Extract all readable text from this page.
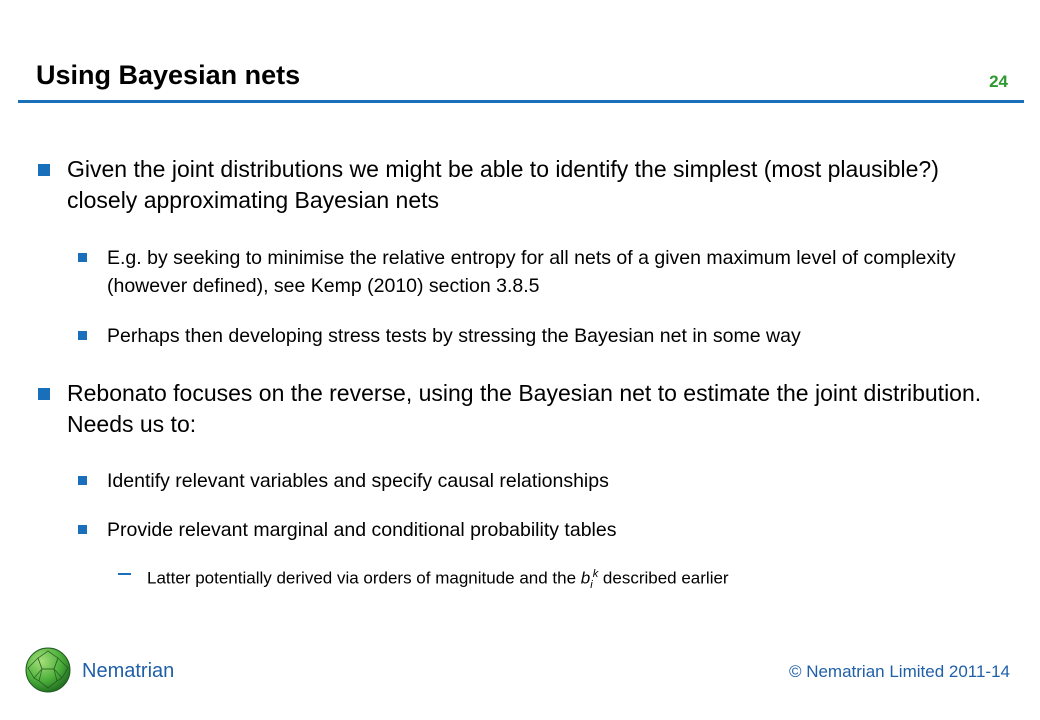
Using Bayesian nets	24
Given the joint distributions we might be able to identify the simplest (most plausible?) closely approximating Bayesian nets
E.g. by seeking to minimise the relative entropy for all nets of a given maximum level of complexity (however defined), see Kemp (2010) section 3.8.5
Perhaps then developing stress tests by stressing the Bayesian net in some way
Rebonato focuses on the reverse, using the Bayesian net to estimate the joint distribution. Needs us to:
Identify relevant variables and specify causal relationships
Provide relevant marginal and conditional probability tables
Latter potentially derived via orders of magnitude and the $b_i^k$ described earlier
Nematrian	© Nematrian Limited 2011-14
